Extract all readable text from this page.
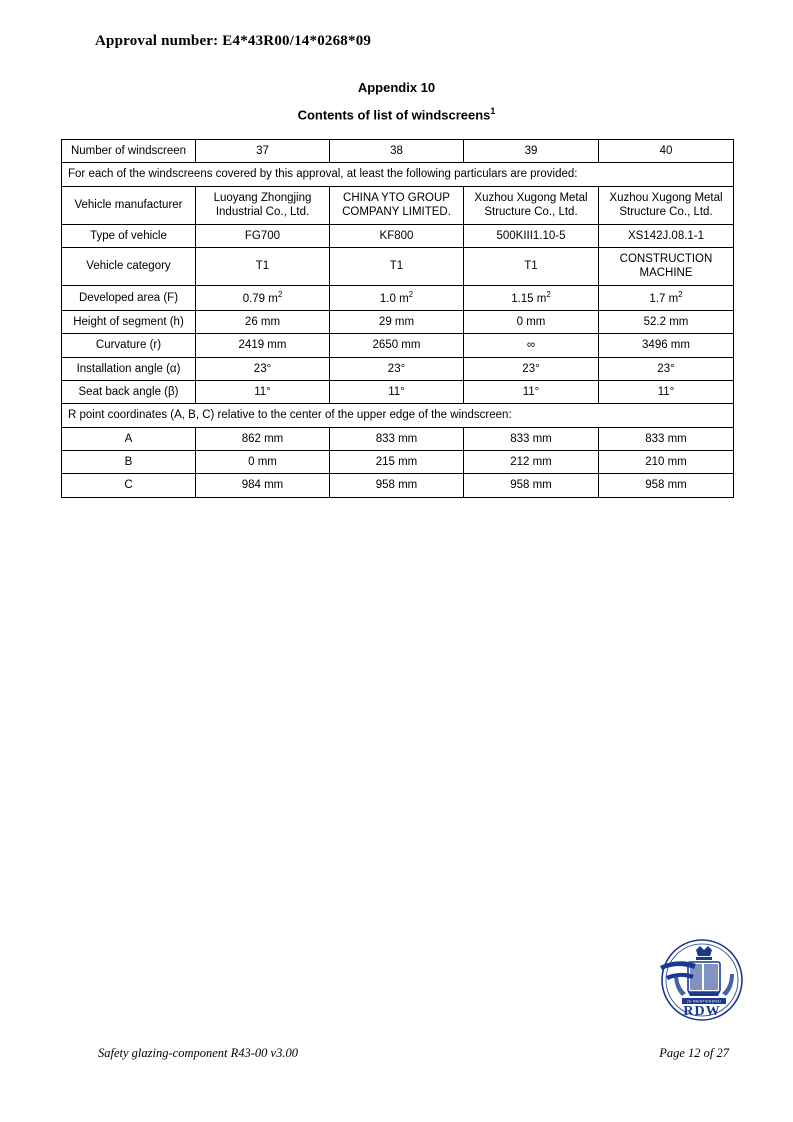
Approval number: E4*43R00/14*0268*09
Appendix 10
Contents of list of windscreens$^1$
Number of windscreen	37	38	39	40
For each of the windscreens covered by this approval, at least the following particulars are provided:				
Vehicle manufacturer	Luoyang Zhongjing Industrial Co., Ltd.	CHINA YTO GROUP COMPANY LIMITED.	Xuzhou Xugong Metal Structure Co., Ltd.	Xuzhou Xugong Metal Structure Co., Ltd.
Type of vehicle	FG700	KF800	500KIII1.10-5	XS142J.08.1-1
Vehicle category	T1	T1	T1	CONSTRUCTION MACHINE
Developed area (F)	0.79 $m^2$	1.0 $m^2$	1.15 $m^2$	1.7 $m^2$
Height of segment (h)	26 mm	29 mm	0 mm	52.2 mm
Curvature (r)	2419 mm	2650 mm	∞	3496 mm
Installation angle (α)	23°	23°	23°	23°
Seat back angle (β)	11°	11°	11°	11°
R point coordinates (A, B, C) relative to the center of the upper edge of the windscreen:				
A	862 mm	833 mm	833 mm	833 mm
B	0 mm	215 mm	212 mm	210 mm
C	984 mm	958 mm	958 mm	958 mm
JE MAINTIENDRAI
RDW
Safety glazing-component R43-00 v3.00	Page 12 of 27
